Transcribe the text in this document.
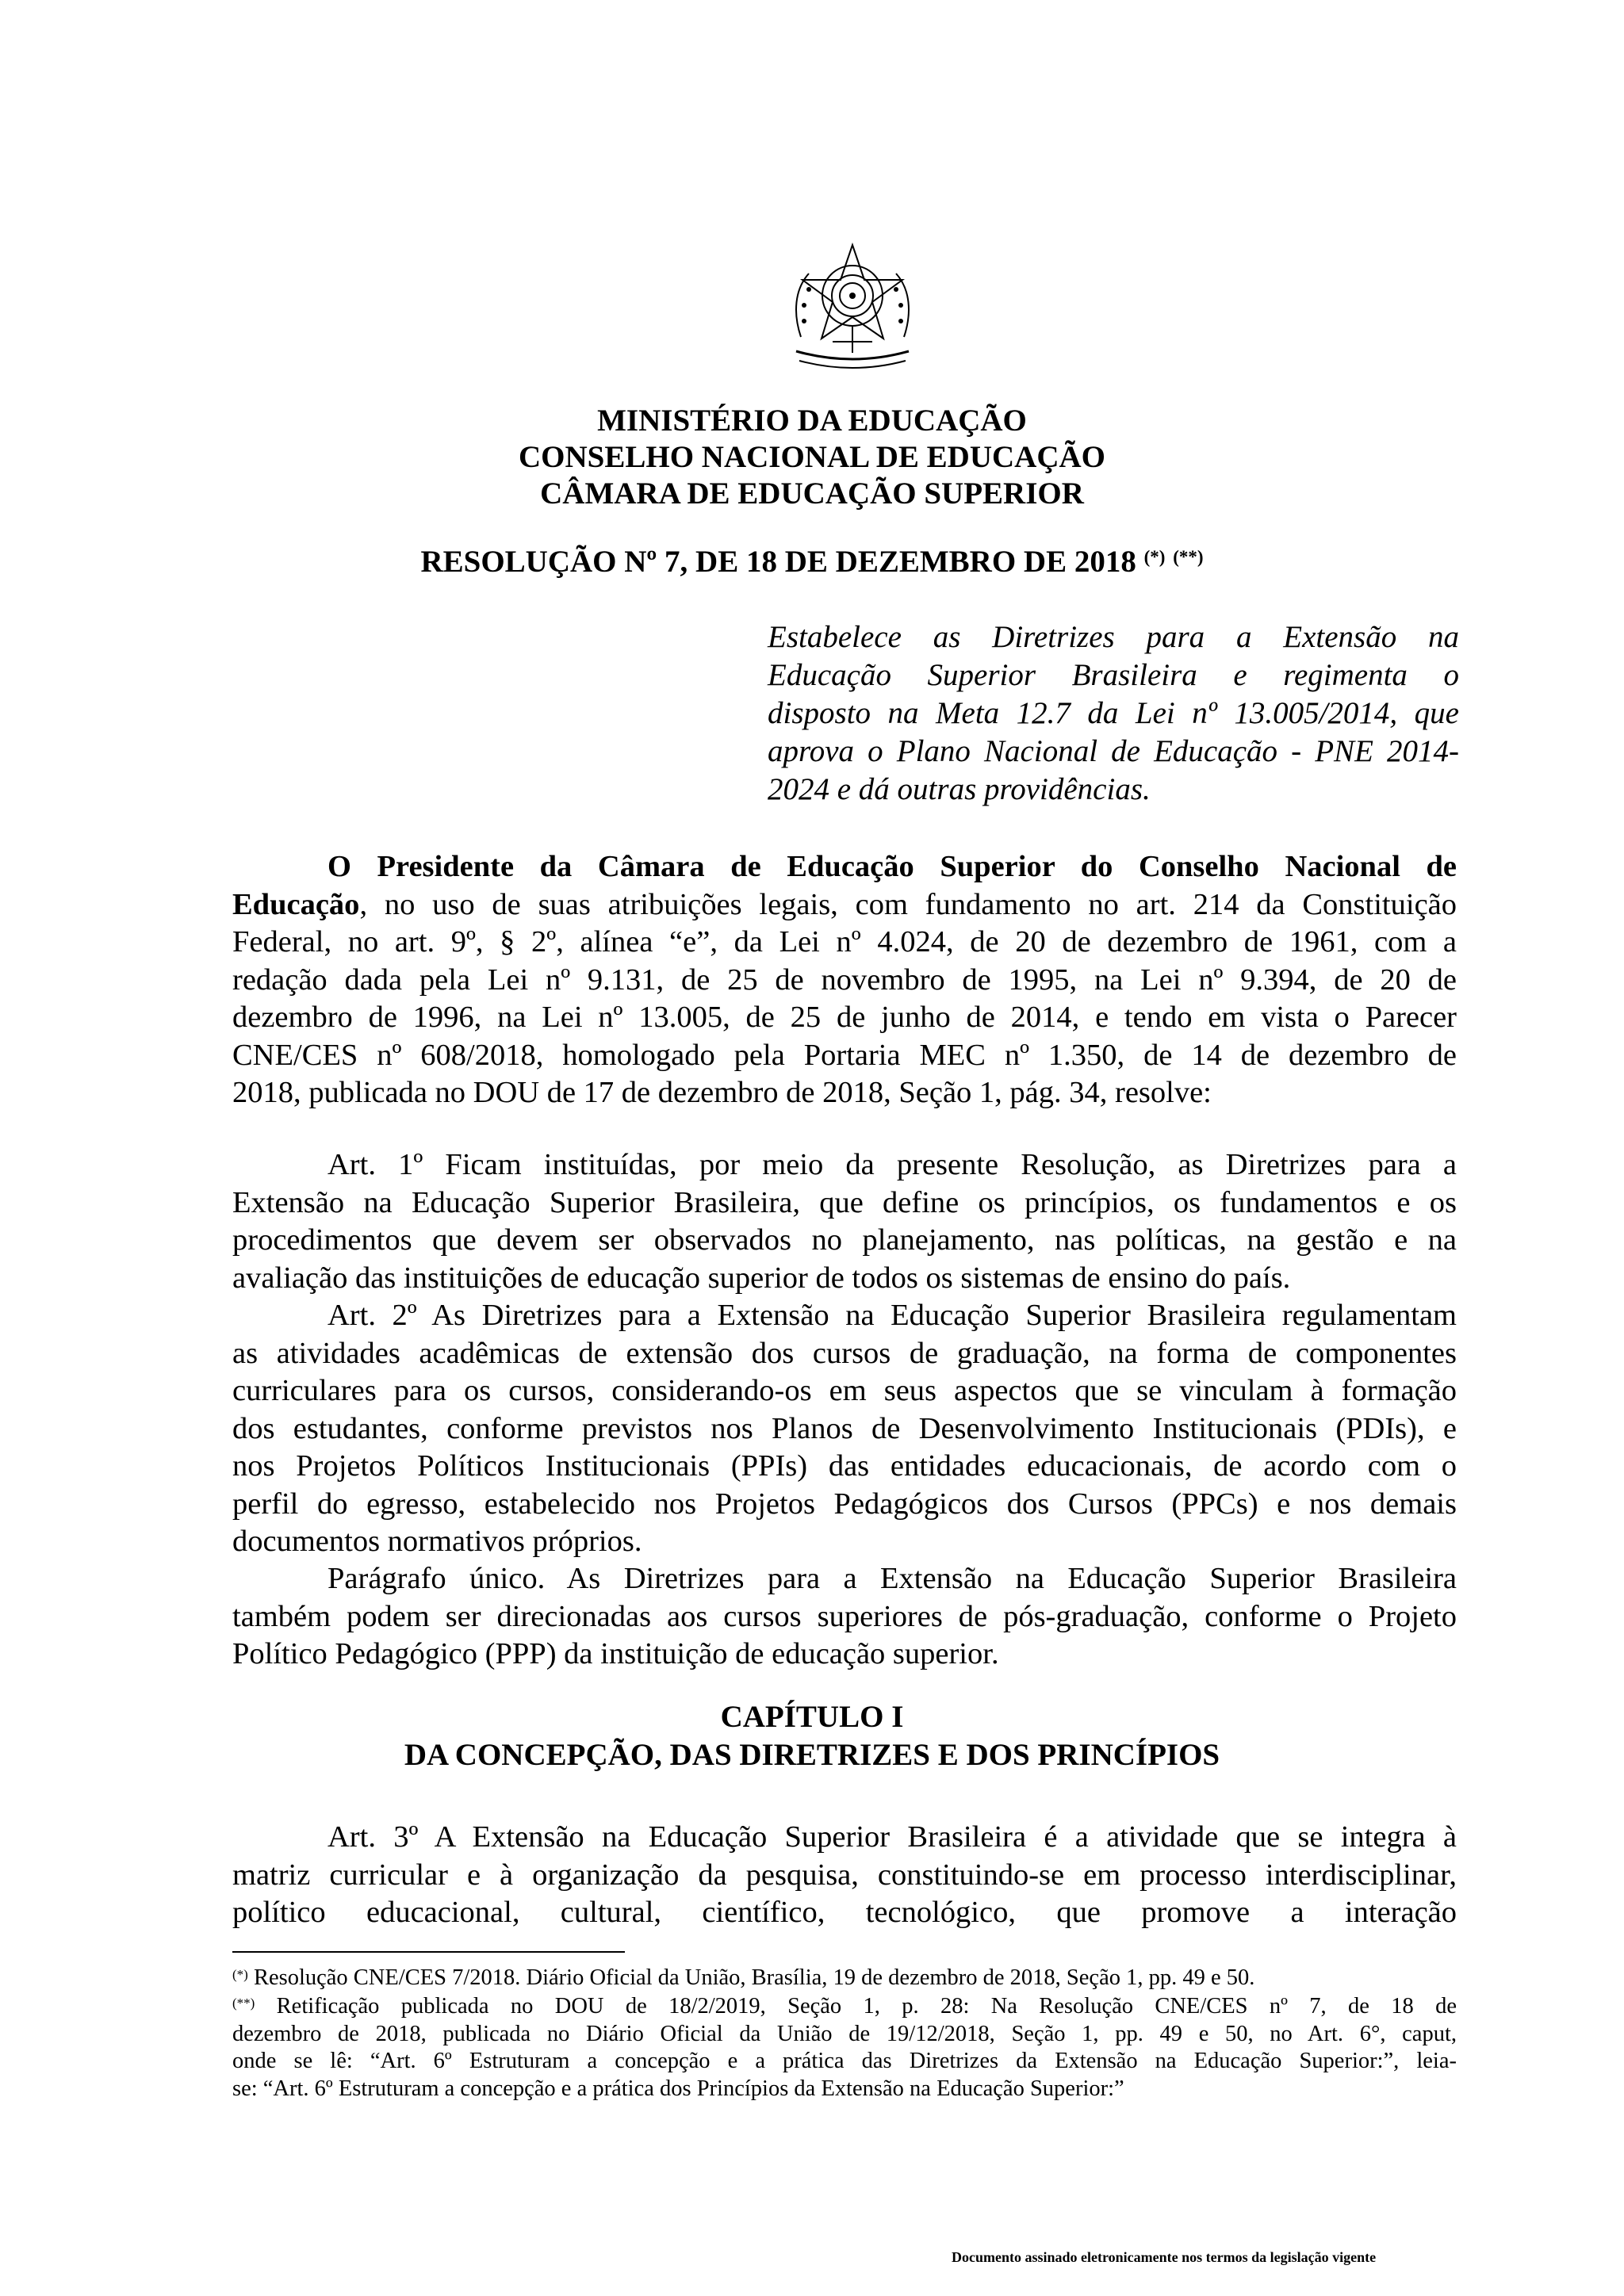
MINISTÉRIO DA EDUCAÇÃO
CONSELHO NACIONAL DE EDUCAÇÃO
CÂMARA DE EDUCAÇÃO SUPERIOR
RESOLUÇÃO Nº 7, DE 18 DE DEZEMBRO DE 2018 (*) (**)
Estabelece as Diretrizes para a Extensão na
Educação Superior Brasileira e regimenta o
disposto na Meta 12.7 da Lei nº 13.005/2014, que
aprova o Plano Nacional de Educação - PNE 2014-
2024 e dá outras providências.
O Presidente da Câmara de Educação Superior do Conselho Nacional de
Educação, no uso de suas atribuições legais, com fundamento no art. 214 da Constituição
Federal, no art. 9º, § 2º, alínea “e”, da Lei nº 4.024, de 20 de dezembro de 1961, com a
redação dada pela Lei nº 9.131, de 25 de novembro de 1995, na Lei nº 9.394, de 20 de
dezembro de 1996, na Lei nº 13.005, de 25 de junho de 2014, e tendo em vista o Parecer
CNE/CES nº 608/2018, homologado pela Portaria MEC nº 1.350, de 14 de dezembro de
2018, publicada no DOU de 17 de dezembro de 2018, Seção 1, pág. 34, resolve:
Art. 1º Ficam instituídas, por meio da presente Resolução, as Diretrizes para a
Extensão na Educação Superior Brasileira, que define os princípios, os fundamentos e os
procedimentos que devem ser observados no planejamento, nas políticas, na gestão e na
avaliação das instituições de educação superior de todos os sistemas de ensino do país.
Art. 2º As Diretrizes para a Extensão na Educação Superior Brasileira regulamentam
as atividades acadêmicas de extensão dos cursos de graduação, na forma de componentes
curriculares para os cursos, considerando-os em seus aspectos que se vinculam à formação
dos estudantes, conforme previstos nos Planos de Desenvolvimento Institucionais (PDIs), e
nos Projetos Políticos Institucionais (PPIs) das entidades educacionais, de acordo com o
perfil do egresso, estabelecido nos Projetos Pedagógicos dos Cursos (PPCs) e nos demais
documentos normativos próprios.
Parágrafo único. As Diretrizes para a Extensão na Educação Superior Brasileira
também podem ser direcionadas aos cursos superiores de pós-graduação, conforme o Projeto
Político Pedagógico (PPP) da instituição de educação superior.
CAPÍTULO I
DA CONCEPÇÃO, DAS DIRETRIZES E DOS PRINCÍPIOS
Art. 3º A Extensão na Educação Superior Brasileira é a atividade que se integra à
matriz curricular e à organização da pesquisa, constituindo-se em processo interdisciplinar,
político educacional, cultural, científico, tecnológico, que promove a interação
(*) Resolução CNE/CES 7/2018. Diário Oficial da União, Brasília, 19 de dezembro de 2018, Seção 1, pp. 49 e 50.
(**) Retificação publicada no DOU de 18/2/2019, Seção 1, p. 28: Na Resolução CNE/CES nº 7, de 18 de
dezembro de 2018, publicada no Diário Oficial da União de 19/12/2018, Seção 1, pp. 49 e 50, no Art. 6°, caput,
onde se lê: “Art. 6º Estruturam a concepção e a prática das Diretrizes da Extensão na Educação Superior:”, leia-
se: “Art. 6º Estruturam a concepção e a prática dos Princípios da Extensão na Educação Superior:”
Documento assinado eletronicamente nos termos da legislação vigente
